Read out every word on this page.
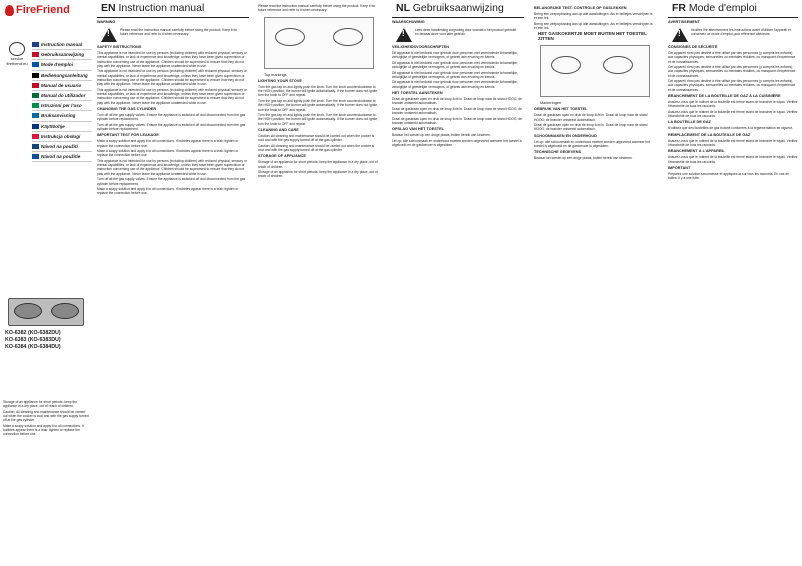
FireFriend
service
firefriend.eu
Instruction manual
Gebruiksaanwijzing
Mode d'emploi
Bedienungsanleitung
Manual de usuario
Manual do utilizador
Istruzioni per l'uso
Bruksanvisning
Käyttöohje
Instrukcja obsługi
Návod na použití
Návod na použitie
KO-6382 (KO-6382DU)
KO-6383 (KO-6383DU)
KO-6384 (KO-6384DU)

Storage of an appliance for short periods: keep the appliance in a dry place, out of reach of children.

Caution: All cleaning and maintenance should be carried out when the cooker is cool and with the gas supply turned off at the gas cylinder.

Make a soapy solution and apply it to all connections. If bubbles appear there is a leak: tighten or replace the connection before use.

EN Instruction manual
WARNING
!

Please read the instruction manual carefully before using the product. Keep it for future reference and refer to it when necessary.

SAFETY INSTRUCTIONS

This appliance is not intended for use by persons (including children) with reduced physical, sensory or mental capabilities, or lack of experience and knowledge, unless they have been given supervision or instruction concerning use of the appliance. Children should be supervised to ensure that they do not play with the appliance. Never leave the appliance unattended while in use.

This appliance is not intended for use by persons (including children) with reduced physical, sensory or mental capabilities, or lack of experience and knowledge, unless they have been given supervision or instruction concerning use of the appliance. Children should be supervised to ensure that they do not play with the appliance. Never leave the appliance unattended while in use.

This appliance is not intended for use by persons (including children) with reduced physical, sensory or mental capabilities, or lack of experience and knowledge, unless they have been given supervision or instruction concerning use of the appliance. Children should be supervised to ensure that they do not play with the appliance. Never leave the appliance unattended while in use.

CHANGING THE GAS CYLINDER

Turn off all the gas supply valves. Ensure the appliance is switched off and disconnected from the gas cylinder before replacement.

Turn off all the gas supply valves. Ensure the appliance is switched off and disconnected from the gas cylinder before replacement.

IMPORTANT TEST FOR LEAKAGE

Make a soapy solution and apply it to all connections. If bubbles appear there is a leak: tighten or replace the connection before use.

Make a soapy solution and apply it to all connections. If bubbles appear there is a leak: tighten or replace the connection before use.

This appliance is not intended for use by persons (including children) with reduced physical, sensory or mental capabilities, or lack of experience and knowledge, unless they have been given supervision or instruction concerning use of the appliance. Children should be supervised to ensure that they do not play with the appliance. Never leave the appliance unattended while in use.

Turn off all the gas supply valves. Ensure the appliance is switched off and disconnected from the gas cylinder before replacement.

Make a soapy solution and apply it to all connections. If bubbles appear there is a leak: tighten or replace the connection before use.

Please read the instruction manual carefully before using the product. Keep it for future reference and refer to it when necessary.

Top markings
LIGHTING YOUR STOVE

Turn the gas tap on and lightly push the knob. Turn the knob counterclockwise to the HIGH position; the burner will ignite automatically. If the burner does not ignite, turn the knob to OFF and repeat.

Turn the gas tap on and lightly push the knob. Turn the knob counterclockwise to the HIGH position; the burner will ignite automatically. If the burner does not ignite, turn the knob to OFF and repeat.

Turn the gas tap on and lightly push the knob. Turn the knob counterclockwise to the HIGH position; the burner will ignite automatically. If the burner does not ignite, turn the knob to OFF and repeat.

CLEANING AND CARE

Caution: All cleaning and maintenance should be carried out when the cooker is cool and with the gas supply turned off at the gas cylinder.

Caution: All cleaning and maintenance should be carried out when the cooker is cool and with the gas supply turned off at the gas cylinder.

STORAGE OF APPLIANCE

Storage of an appliance for short periods: keep the appliance in a dry place, out of reach of children.

Storage of an appliance for short periods: keep the appliance in a dry place, out of reach of children.

NL Gebruiksaanwijzing
WAARSCHUWING
!

Lees deze handleiding zorgvuldig door voordat u het product gebruikt en bewaar deze voor later gebruik.

VEILIGHEIDSVOORSCHRIFTEN

Dit apparaat is niet bedoeld voor gebruik door personen met verminderde lichamelijke, zintuiglijke of geestelijke vermogens, of gebrek aan ervaring en kennis.

Dit apparaat is niet bedoeld voor gebruik door personen met verminderde lichamelijke, zintuiglijke of geestelijke vermogens, of gebrek aan ervaring en kennis.

Dit apparaat is niet bedoeld voor gebruik door personen met verminderde lichamelijke, zintuiglijke of geestelijke vermogens, of gebrek aan ervaring en kennis.

Dit apparaat is niet bedoeld voor gebruik door personen met verminderde lichamelijke, zintuiglijke of geestelijke vermogens, of gebrek aan ervaring en kennis.

HET TOESTEL AANSTEKEN

Draai de gaskraan open en druk de knop licht in. Draai de knop naar de stand HOOG; de brander ontsteekt automatisch.

Draai de gaskraan open en druk de knop licht in. Draai de knop naar de stand HOOG; de brander ontsteekt automatisch.

Draai de gaskraan open en druk de knop licht in. Draai de knop naar de stand HOOG; de brander ontsteekt automatisch.

OPSLAG VAN HET TOESTEL

Bewaar het toestel op een droge plaats, buiten bereik van kinderen.

Let op: alle schoonmaak en onderhoud moeten worden uitgevoerd wanneer het toestel is afgekoeld en de gastoevoer is afgesloten.

BELANGRIJKE TEST: CONTROLE OP GASLEKKEN

Breng een zeepoplossing aan op alle aansluitingen. Als er belletjes verschijnen is er een lek.

Breng een zeepoplossing aan op alle aansluitingen. Als er belletjes verschijnen is er een lek.

HET GASKOKERTJE MOET BUITEN HET TOESTEL ZITTEN
Markeringen
GEBRUIK VAN HET TOESTEL

Draai de gaskraan open en druk de knop licht in. Draai de knop naar de stand HOOG; de brander ontsteekt automatisch.

Draai de gaskraan open en druk de knop licht in. Draai de knop naar de stand HOOG; de brander ontsteekt automatisch.

SCHOONMAKEN EN ONDERHOUD

Let op: alle schoonmaak en onderhoud moeten worden uitgevoerd wanneer het toestel is afgekoeld en de gastoevoer is afgesloten.

TECHNISCHE GEGEVENS

Bewaar het toestel op een droge plaats, buiten bereik van kinderen.

FR Mode d'emploi
AVERTISSEMENT
!

Veuillez lire attentivement les instructions avant d'utiliser l'appareil et conservez ce mode d'emploi pour référence ultérieure.

CONSIGNES DE SÉCURITÉ

Cet appareil n'est pas destiné à être utilisé par des personnes (y compris les enfants) aux capacités physiques, sensorielles ou mentales réduites, ou manquant d'expérience et de connaissances.

Cet appareil n'est pas destiné à être utilisé par des personnes (y compris les enfants) aux capacités physiques, sensorielles ou mentales réduites, ou manquant d'expérience et de connaissances.

Cet appareil n'est pas destiné à être utilisé par des personnes (y compris les enfants) aux capacités physiques, sensorielles ou mentales réduites, ou manquant d'expérience et de connaissances.

BRANCHEMENT DE LA BOUTEILLE DE GAZ À LA CUISINIÈRE

Assurez-vous que le robinet de la bouteille est fermé avant de brancher le tuyau. Vérifiez l'étanchéité de tous les raccords.

Assurez-vous que le robinet de la bouteille est fermé avant de brancher le tuyau. Vérifiez l'étanchéité de tous les raccords.

LA BOUTEILLE DE GAZ

N'utilisez que des bouteilles de gaz butane conformes à la réglementation en vigueur.

REMPLACEMENT DE LA BOUTEILLE DE GAZ

Assurez-vous que le robinet de la bouteille est fermé avant de brancher le tuyau. Vérifiez l'étanchéité de tous les raccords.

BRANCHEMENT À L'APPAREIL

Assurez-vous que le robinet de la bouteille est fermé avant de brancher le tuyau. Vérifiez l'étanchéité de tous les raccords.

IMPORTANT

Préparez une solution savonneuse et appliquez-la sur tous les raccords. En cas de bulles, il y a une fuite.
